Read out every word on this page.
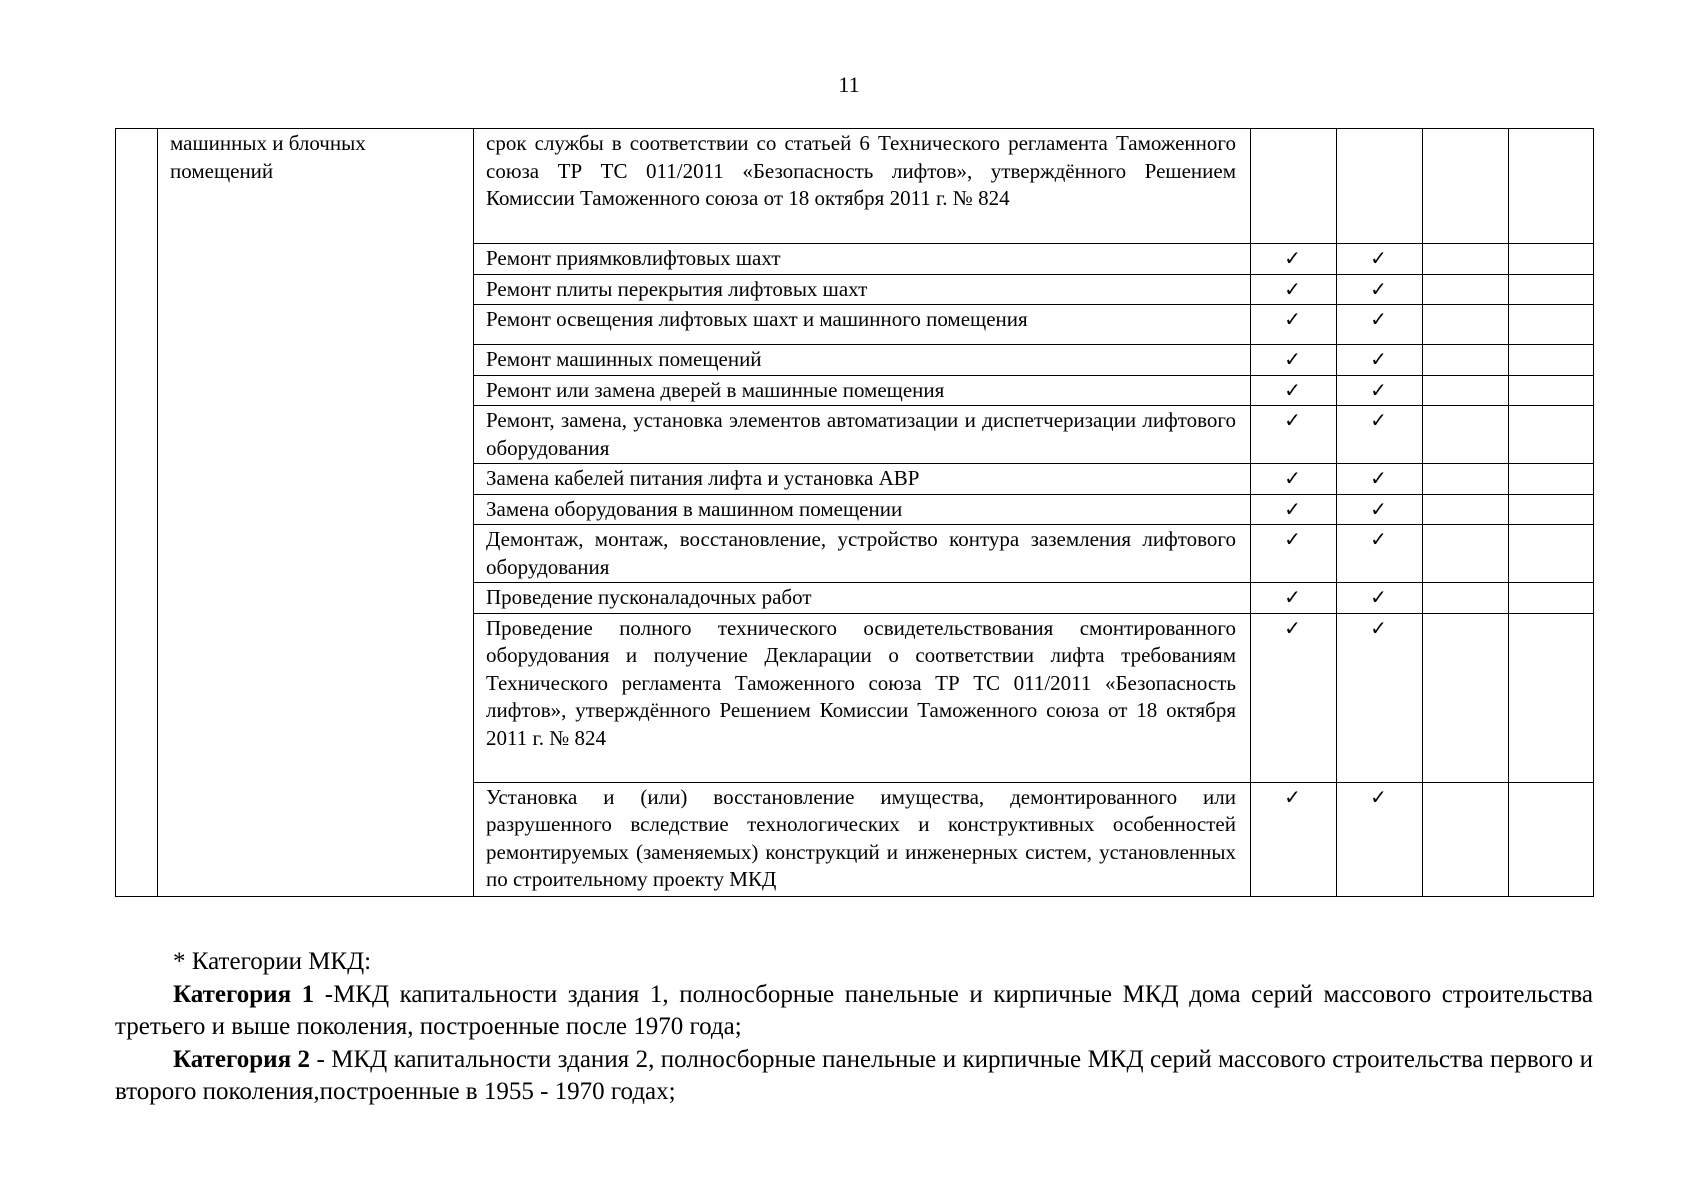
11
	машинных и блочных помещений	срок службы в соответствии со статьей 6 Технического регламента Таможенного союза ТР ТС 011/2011 «Безопасность лифтов», утверждённого Решением Комиссии Таможенного союза от 18 октября 2011 г. № 824				
		Ремонт приямковлифтовых шахт	✓	✓		
		Ремонт плиты перекрытия лифтовых шахт	✓	✓		
		Ремонт освещения лифтовых шахт и машинного помещения	✓	✓		
		Ремонт машинных помещений	✓	✓		
		Ремонт или замена дверей в машинные помещения	✓	✓		
		Ремонт, замена, установка элементов автоматизации и диспетчеризации лифтового оборудования	✓	✓		
		Замена кабелей питания лифта и установка АВР	✓	✓		
		Замена оборудования в машинном помещении	✓	✓		
		Демонтаж, монтаж, восстановление, устройство контура заземления лифтового оборудования	✓	✓		
		Проведение пусконаладочных работ	✓	✓		
		Проведение полного технического освидетельствования смонтированного оборудования и получение Декларации о соответствии лифта требованиям Технического регламента Таможенного союза ТР ТС 011/2011 «Безопасность лифтов», утверждённого Решением Комиссии Таможенного союза от 18 октября 2011 г. № 824	✓	✓		
		Установка и (или) восстановление имущества, демонтированного или разрушенного вследствие технологических и конструктивных особенностей ремонтируемых (заменяемых) конструкций и инженерных систем, установленных по строительному проекту МКД	✓	✓		

* Категории МКД:

Категория 1 -МКД капитальности здания 1, полносборные панельные и кирпичные МКД дома серий массового строительства третьего и выше поколения, построенные после 1970 года;

Категория 2 - МКД капитальности здания 2, полносборные панельные и кирпичные МКД серий массового строительства первого и второго поколения,построенные в 1955 - 1970 годах;
